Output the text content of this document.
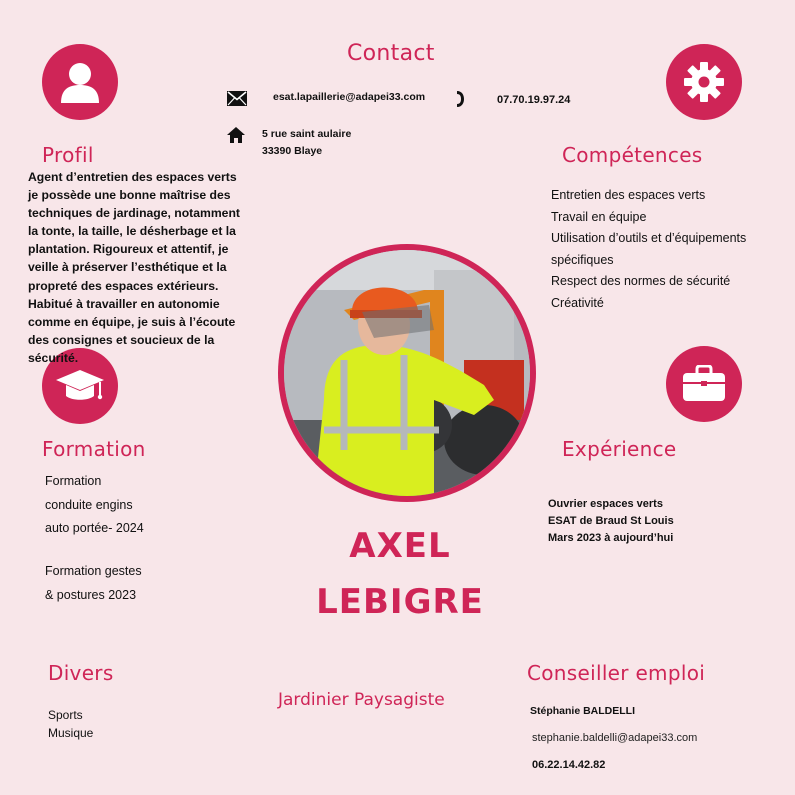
Contact
esat.lapaillerie@adapei33.com	07.70.19.97.24
5 rue saint aulaire
33390 Blaye
Profil
Agent d’entretien des espaces verts
je possède une bonne maîtrise des
techniques de jardinage, notamment
la tonte, la taille, le désherbage et la
plantation. Rigoureux et attentif, je
veille à préserver l’esthétique et la
propreté des espaces extérieurs.
Habitué à travailler en autonomie
comme en équipe, je suis à l’écoute
des consignes et soucieux de la
sécurité.
Compétences
Entretien des espaces verts
Travail en équipe
Utilisation d’outils et d’équipements
spécifiques
Respect des normes de sécurité
Créativité
Formation
Formation
conduite engins
auto portée- 2024
Formation gestes
& postures 2023
Expérience
Ouvrier espaces verts
ESAT de Braud St Louis
Mars 2023 à aujourd’hui
AXEL
LEBIGRE
Jardinier Paysagiste
Divers
Sports
Musique
Conseiller emploi
Stéphanie BALDELLI
stephanie.baldelli@adapei33.com
06.22.14.42.82
